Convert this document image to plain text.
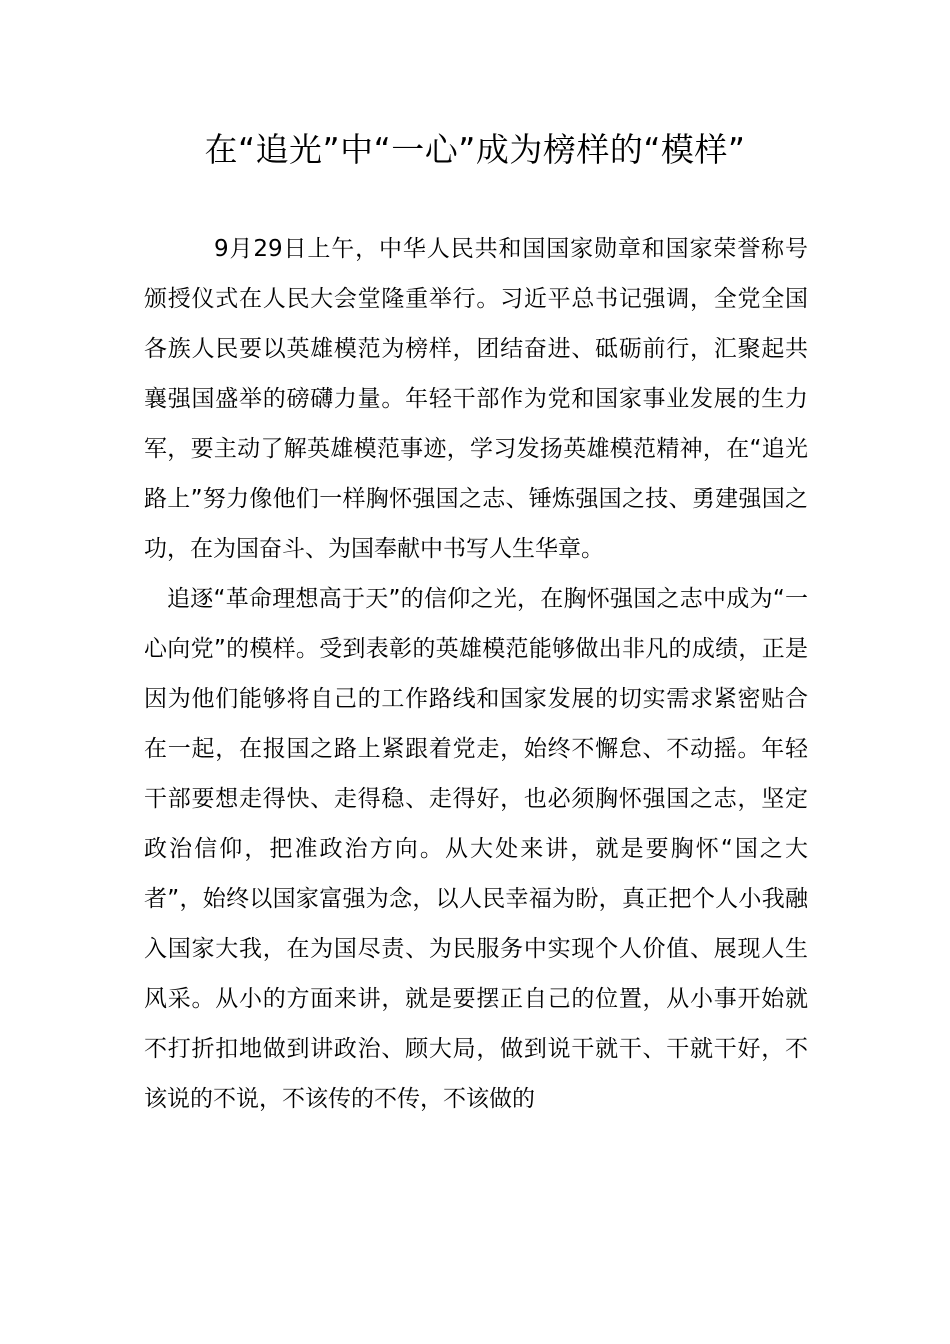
在“追光”中“一心”成为榜样的“模样”

9月29日上午，中华人民共和国国家勋章和国家荣誉称号颁授仪式在人民大会堂隆重举行。习近平总书记强调，全党全国各族人民要以英雄模范为榜样，团结奋进、砥砺前行，汇聚起共襄强国盛举的磅礴力量。年轻干部作为党和国家事业发展的生力军，要主动了解英雄模范事迹，学习发扬英雄模范精神，在“追光路上”努力像他们一样胸怀强国之志、锤炼强国之技、勇建强国之功，在为国奋斗、为国奉献中书写人生华章。

追逐“革命理想高于天”的信仰之光，在胸怀强国之志中成为“一心向党”的模样。受到表彰的英雄模范能够做出非凡的成绩，正是因为他们能够将自己的工作路线和国家发展的切实需求紧密贴合在一起，在报国之路上紧跟着党走，始终不懈怠、不动摇。年轻干部要想走得快、走得稳、走得好，也必须胸怀强国之志，坚定政治信仰，把准政治方向。从大处来讲，就是要胸怀“国之大者”，始终以国家富强为念，以人民幸福为盼，真正把个人小我融入国家大我，在为国尽责、为民服务中实现个人价值、展现人生风采。从小的方面来讲，就是要摆正自己的位置，从小事开始就不打折扣地做到讲政治、顾大局，做到说干就干、干就干好，不该说的不说，不该传的不传，不该做的
